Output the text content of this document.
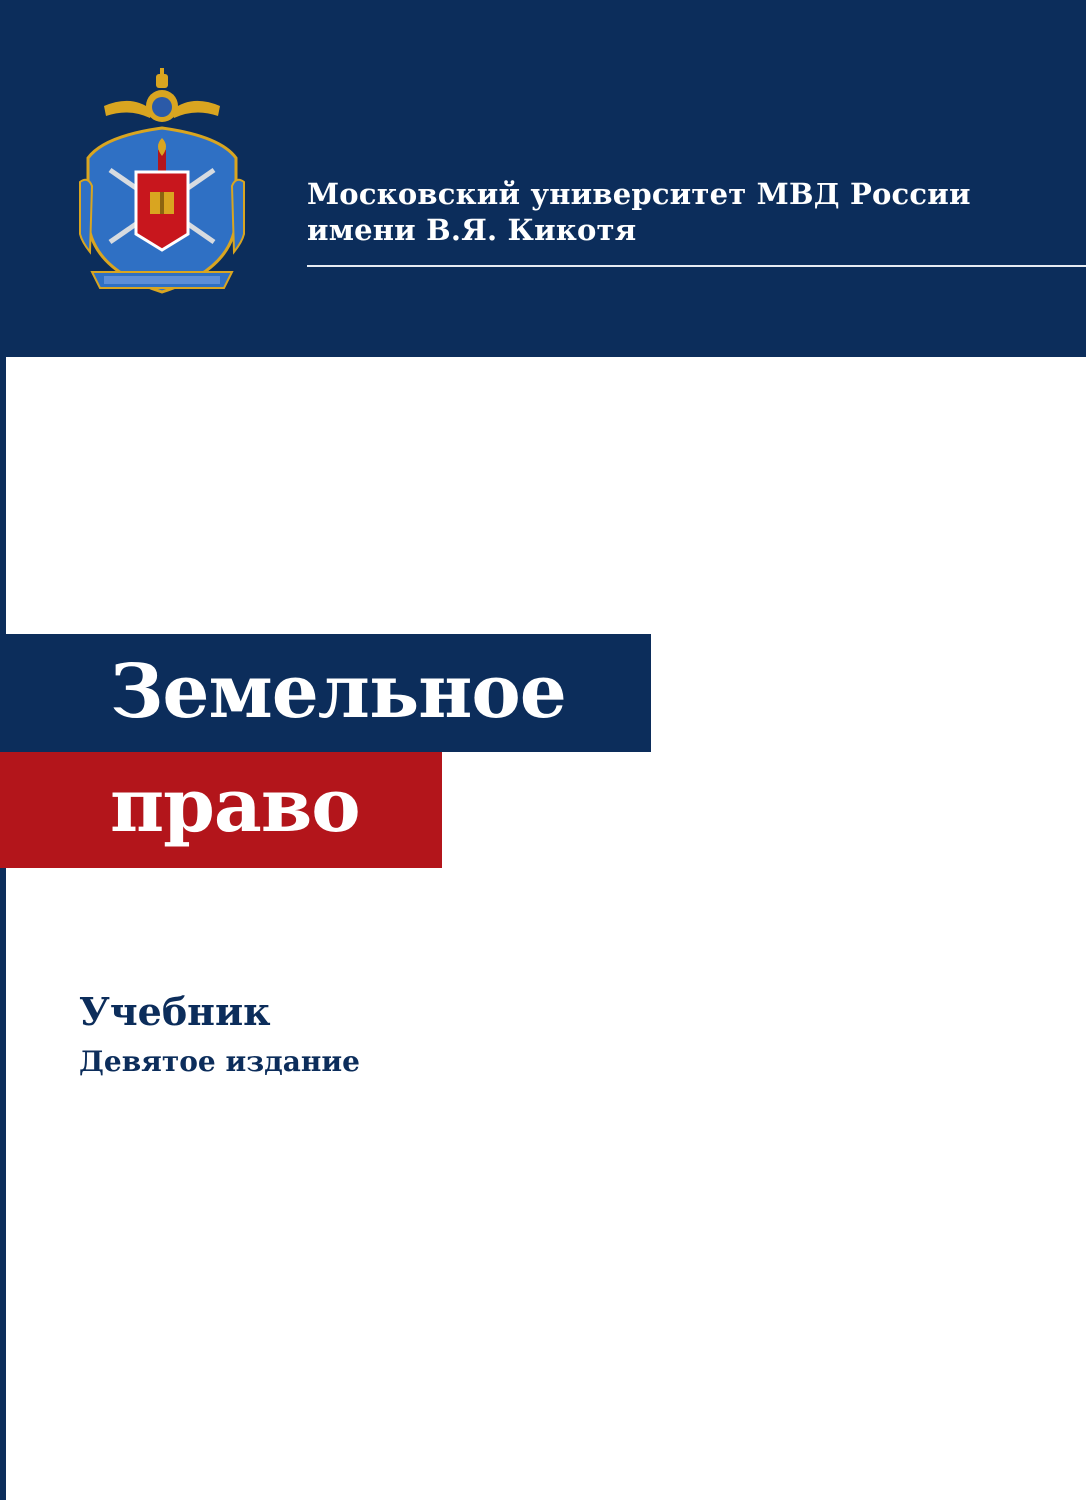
Московский университет МВД России
имени В.Я. Кикотя
Земельное
право
Учебник
Девятое издание
